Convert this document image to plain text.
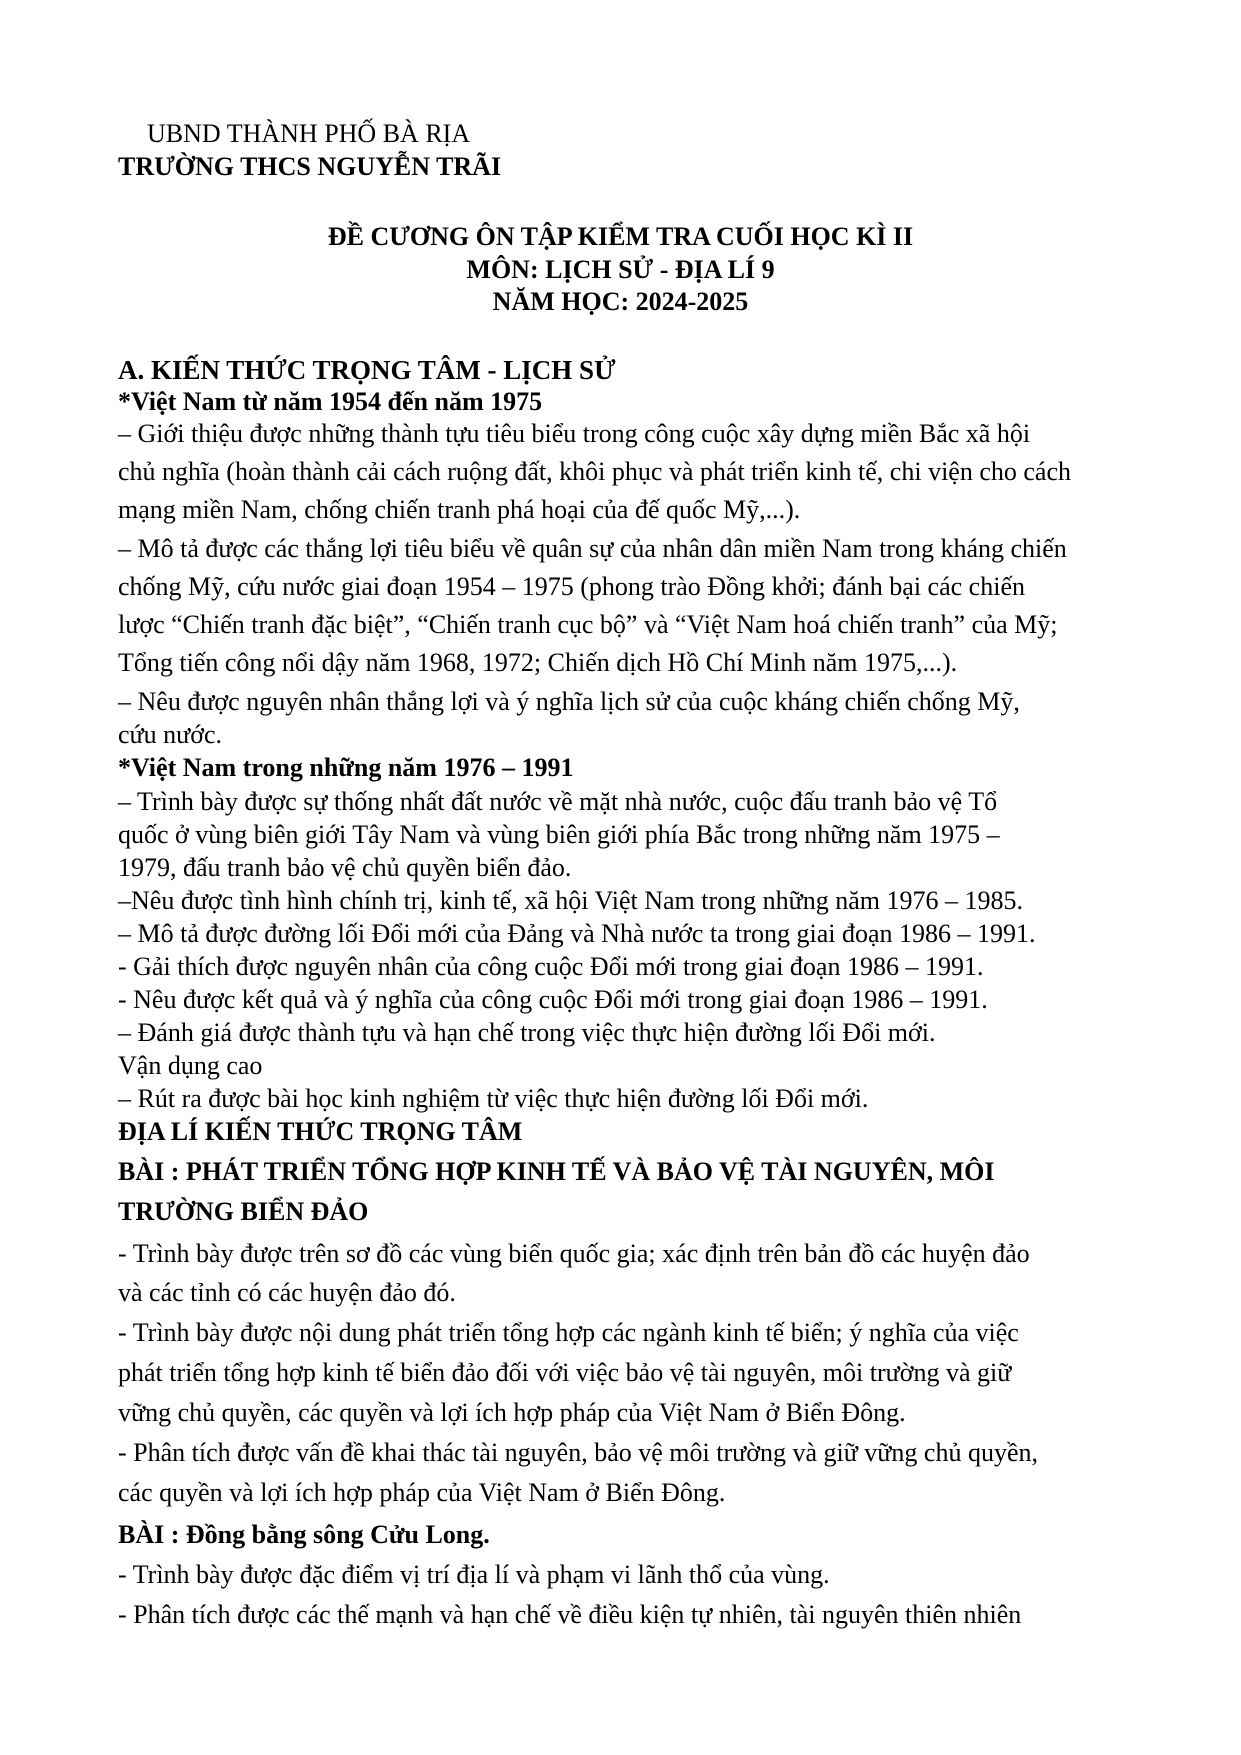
UBND THÀNH PHỐ BÀ RỊA
TRƯỜNG THCS NGUYỄN TRÃI
ĐỀ CƯƠNG ÔN TẬP KIỂM TRA CUỐI HỌC KÌ II
MÔN: LỊCH SỬ - ĐỊA LÍ 9
NĂM HỌC: 2024-2025
A. KIẾN THỨC TRỌNG TÂM - LỊCH SỬ
*Việt Nam từ năm 1954 đến năm 1975
– Giới thiệu được những thành tựu tiêu biểu trong công cuộc xây dựng miền Bắc xã hội
chủ nghĩa (hoàn thành cải cách ruộng đất, khôi phục và phát triển kinh tế, chi viện cho cách
mạng miền Nam, chống chiến tranh phá hoại của đế quốc Mỹ,...).
– Mô tả được các thắng lợi tiêu biểu về quân sự của nhân dân miền Nam trong kháng chiến
chống Mỹ, cứu nước giai đoạn 1954 – 1975 (phong trào Đồng khởi; đánh bại các chiến
lược “Chiến tranh đặc biệt”, “Chiến tranh cục bộ” và “Việt Nam hoá chiến tranh” của Mỹ;
Tổng tiến công nổi dậy năm 1968, 1972; Chiến dịch Hồ Chí Minh năm 1975,...).
– Nêu được nguyên nhân thắng lợi và ý nghĩa lịch sử của cuộc kháng chiến chống Mỹ,
cứu nước.
*Việt Nam trong những năm 1976 – 1991
– Trình bày được sự thống nhất đất nước về mặt nhà nước, cuộc đấu tranh bảo vệ Tổ
quốc ở vùng biên giới Tây Nam và vùng biên giới phía Bắc trong những năm 1975 –
1979, đấu tranh bảo vệ chủ quyền biển đảo.
–Nêu được tình hình chính trị, kinh tế, xã hội Việt Nam trong những năm 1976 – 1985.
– Mô tả được đường lối Đổi mới của Đảng và Nhà nước ta trong giai đoạn 1986 – 1991.
- Gải thích được nguyên nhân của công cuộc Đổi mới trong giai đoạn 1986 – 1991.
- Nêu được kết quả và ý nghĩa của công cuộc Đổi mới trong giai đoạn 1986 – 1991.
– Đánh giá được thành tựu và hạn chế trong việc thực hiện đường lối Đổi mới.
Vận dụng cao
– Rút ra được bài học kinh nghiệm từ việc thực hiện đường lối Đổi mới.
ĐỊA LÍ KIẾN THỨC TRỌNG TÂM
BÀI : PHÁT TRIỂN TỔNG HỢP KINH TẾ VÀ BẢO VỆ TÀI NGUYÊN, MÔI
TRƯỜNG BIỂN ĐẢO
- Trình bày được trên sơ đồ các vùng biển quốc gia; xác định trên bản đồ các huyện đảo
và các tỉnh có các huyện đảo đó.
- Trình bày được nội dung phát triển tổng hợp các ngành kinh tế biển; ý nghĩa của việc
phát triển tổng hợp kinh tế biển đảo đối với việc bảo vệ tài nguyên, môi trường và giữ
vững chủ quyền, các quyền và lợi ích hợp pháp của Việt Nam ở Biển Đông.
- Phân tích được vấn đề khai thác tài nguyên, bảo vệ môi trường và giữ vững chủ quyền,
các quyền và lợi ích hợp pháp của Việt Nam ở Biển Đông.
BÀI : Đồng bằng sông Cửu Long.
- Trình bày được đặc điểm vị trí địa lí và phạm vi lãnh thổ của vùng.
- Phân tích được các thế mạnh và hạn chế về điều kiện tự nhiên, tài nguyên thiên nhiên
